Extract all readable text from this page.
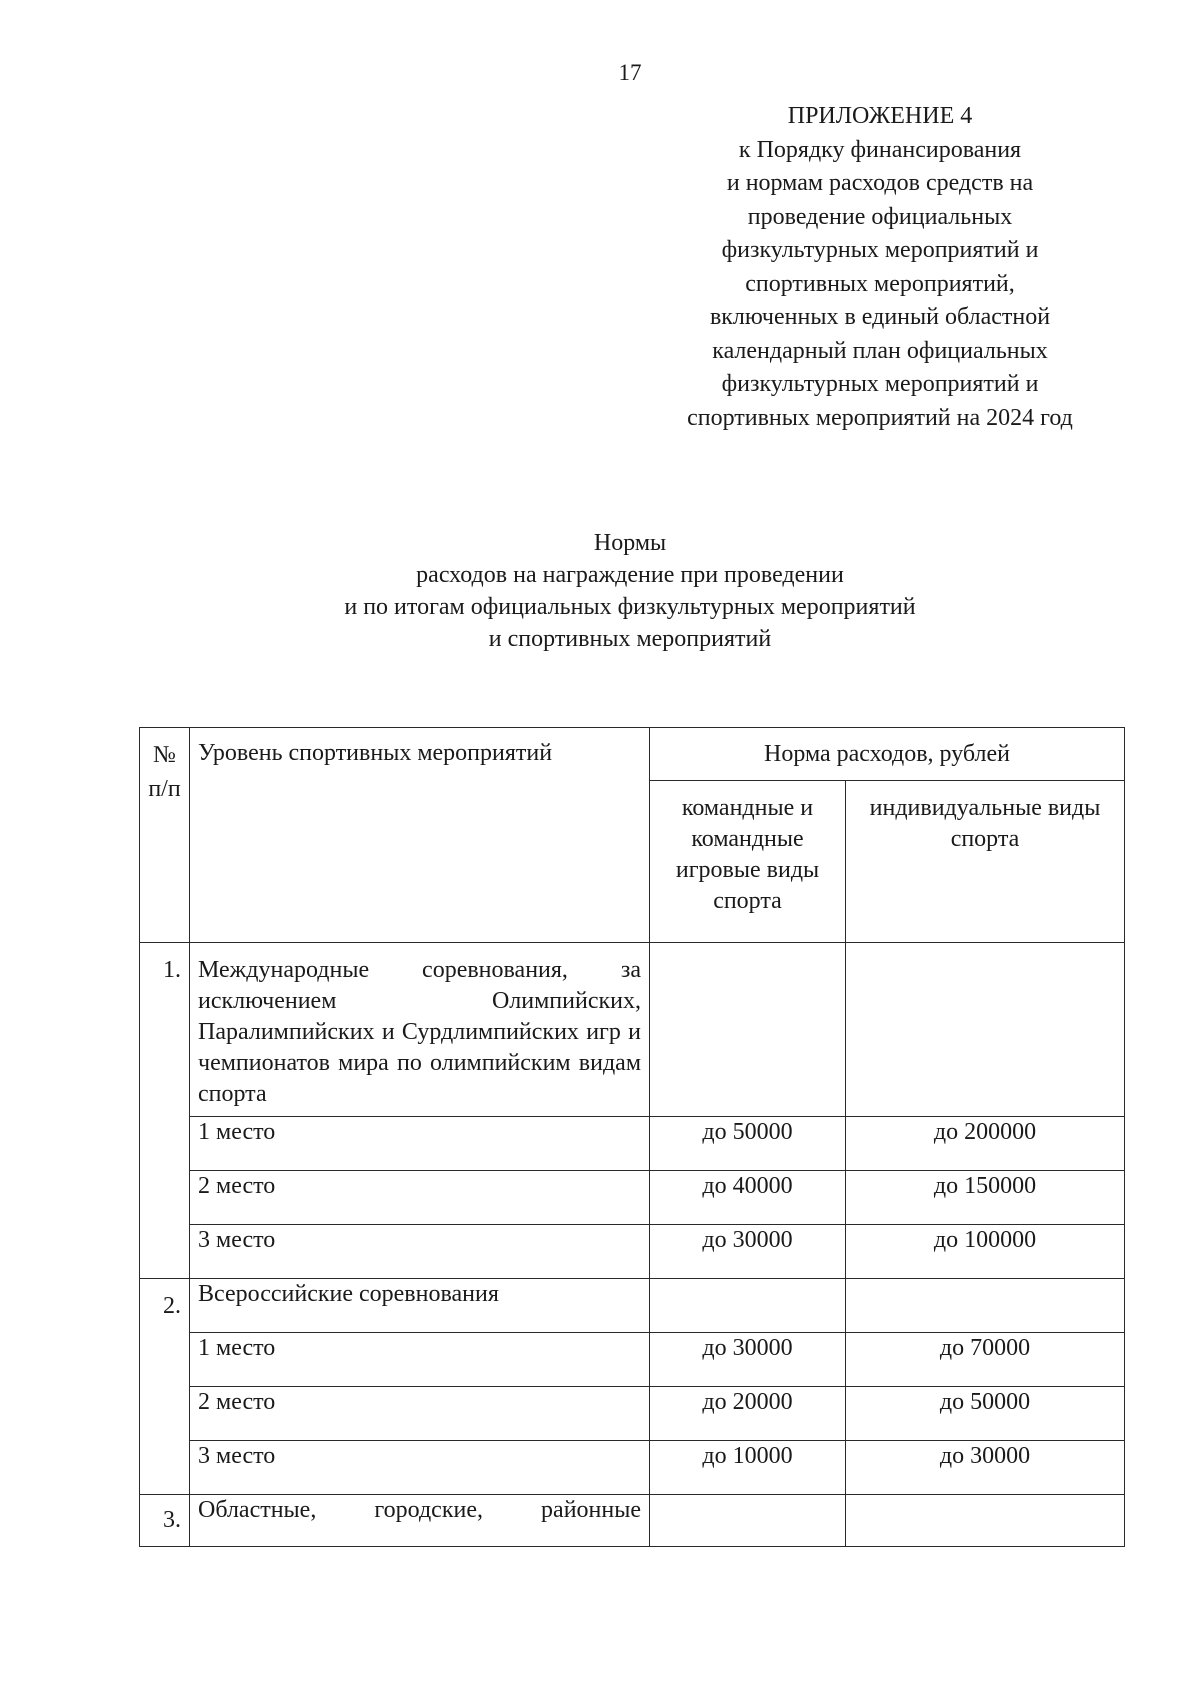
17
ПРИЛОЖЕНИЕ 4
к Порядку финансирования
и нормам расходов средств на
проведение официальных
физкультурных мероприятий и
спортивных мероприятий,
включенных в единый областной
календарный план официальных
физкультурных мероприятий и
спортивных мероприятий на 2024 год
Нормы
расходов на награждение при проведении
и по итогам официальных физкультурных мероприятий
и спортивных мероприятий
№ п/п	Уровень спортивных мероприятий	Норма расходов, рублей	
		командные и командные игровые виды спорта	индивидуальные виды спорта
1.	Международные соревнования, за исключением Олимпийских, Паралимпийских и Сурдлимпийских игр и чемпионатов мира по олимпийским видам спорта		
	1 место	до 50000	до 200000
	2 место	до 40000	до 150000
	3 место	до 30000	до 100000
2.	Всероссийские соревнования		
	1 место	до 30000	до 70000
	2 место	до 20000	до 50000
	3 место	до 10000	до 30000
3.	Областные, городские, районные		
